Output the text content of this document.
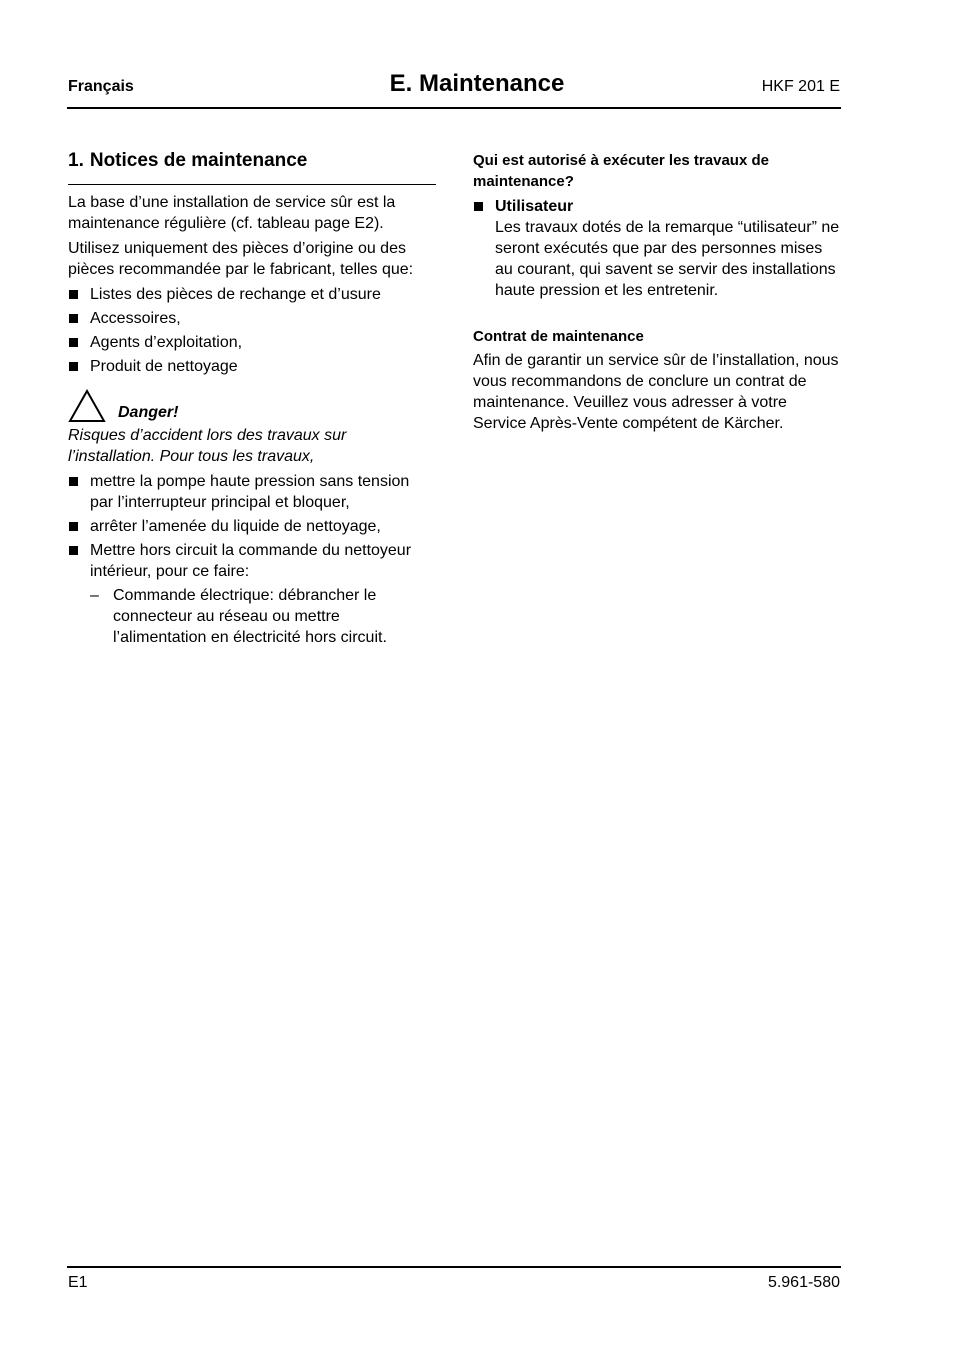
Français	E. Maintenance	HKF 201 E
1. Notices de maintenance

La base d’une installation de service sûr est la maintenance régulière (cf. tableau page E2).

Utilisez uniquement des pièces d’origine ou des pièces recommandée par le fabricant, telles que:

Listes des pièces de rechange et d’usure
Accessoires,
Agents d’exploitation,
Produit de nettoyage
Danger!

Risques d’accident lors des travaux sur l’installation. Pour tous les travaux,

mettre la pompe haute pression sans tension par l’interrupteur principal et bloquer,
arrêter l’amenée du liquide de nettoyage,
Mettre hors circuit la commande du nettoyeur intérieur, pour ce faire:
– Commande électrique: débrancher le connecteur au réseau ou mettre l’alimentation en électricité hors circuit.

Qui est autorisé à exécuter les travaux de maintenance?

Utilisateur
Les travaux dotés de la remarque “utilisateur” ne seront exécutés que par des personnes mises au courant, qui savent se servir des installations haute pression et les entretenir.

Contrat de maintenance

Afin de garantir un service sûr de l’installation, nous vous recommandons de conclure un contrat de maintenance. Veuillez vous adresser à votre Service Après-Vente compétent de Kärcher.

E1	5.961-580
